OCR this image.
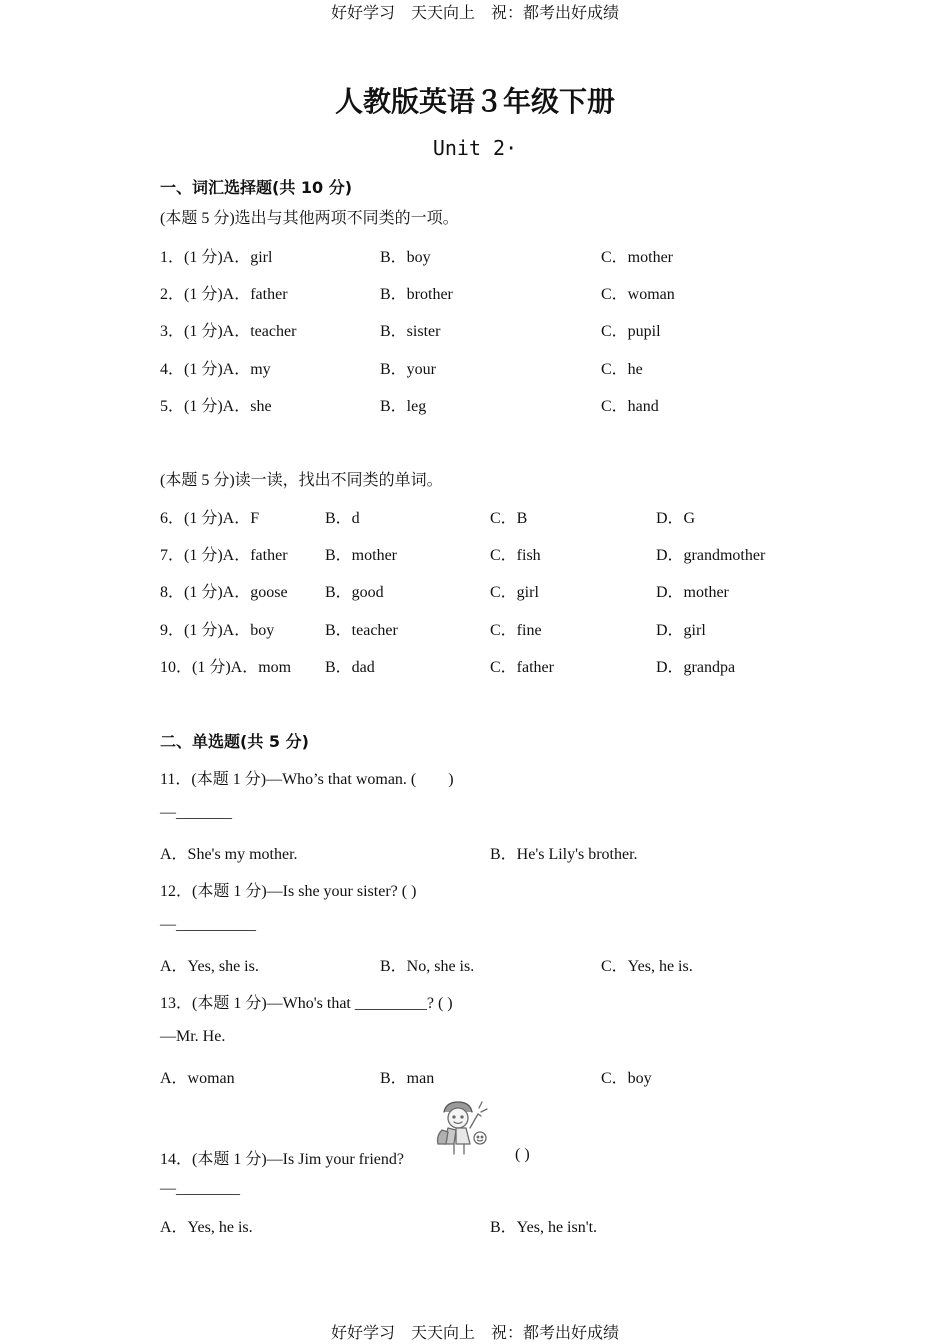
好好学习　天天向上　祝：都考出好成绩
人教版英语３年级下册
Unit 2·
一、词汇选择题(共 10 分)
(本题 5 分)选出与其他两项不同类的一项。
1．(1 分)A．girl	B．boy	C．mother
2．(1 分)A．father	B．brother	C．woman
3．(1 分)A．teacher	B．sister	C．pupil
4．(1 分)A．my	B．your	C．he
5．(1 分)A．she	B．leg	C．hand
(本题 5 分)读一读，找出不同类的单词。
6．(1 分)A．F	B．d	C．B	D．G
7．(1 分)A．father B．mother	C．fish	D．grandmother
8．(1 分)A．goose B．good	C．girl	D．mother
9．(1 分)A．boy	B．teacher	C．fine	D．girl
10．(1 分)A．mom B．dad	C．father	D．grandpa
二、单选题(共 5 分)
11．(本题 1 分)—Who’s that woman. (　　)
—_______
A．She's my mother.	B．He's Lily's brother.
12．(本题 1 分)—Is she your sister? ( )
—__________
A．Yes, she is.	B．No, she is.	C．Yes, he is.
13．(本题 1 分)—Who's that _________? ( )
—Mr. He.
A．woman	B．man	C．boy
14．(本题 1 分)—Is Jim your friend?	( )
—________
A．Yes, he is.	B．Yes, he isn't.
好好学习　天天向上　祝：都考出好成绩
